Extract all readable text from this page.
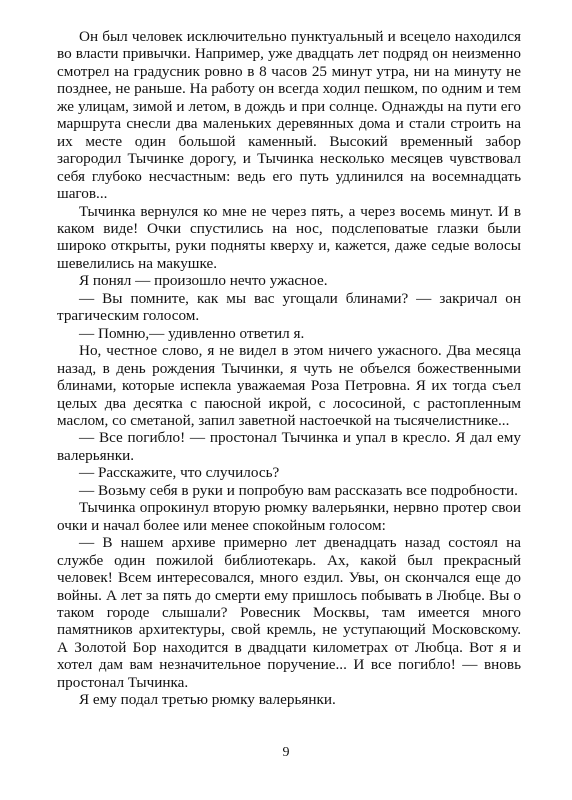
Он был человек исключительно пунктуальный и всецело находился во власти привычки. Например, уже двадцать лет подряд он неизменно смотрел на градусник ровно в 8 часов 25 минут утра, ни на минуту не позднее, не раньше. На работу он всегда ходил пешком, по одним и тем же улицам, зимой и летом, в дождь и при солнце. Однажды на пути его маршрута снесли два маленьких деревянных дома и стали строить на их месте один большой каменный. Высокий временный забор загородил Тычинке дорогу, и Тычинка несколько месяцев чувствовал себя глубоко несчастным: ведь его путь удлинился на восемнадцать шагов...

Тычинка вернулся ко мне не через пять, а через восемь минут. И в каком виде! Очки спустились на нос, подслеповатые глазки были широко открыты, руки подняты кверху и, кажется, даже седые волосы шевелились на макушке.

Я понял — произошло нечто ужасное.

— Вы помните, как мы вас угощали блинами? — закричал он трагическим голосом.

— Помню,— удивленно ответил я.

Но, честное слово, я не видел в этом ничего ужасного. Два месяца назад, в день рождения Тычинки, я чуть не объелся божественными блинами, которые испекла уважаемая Роза Петровна. Я их тогда съел целых два десятка с паюсной икрой, с лососиной, с растопленным маслом, со сметаной, запил заветной настоечкой на тысячелистнике...

— Все погибло! — простонал Тычинка и упал в кресло. Я дал ему валерьянки.

— Расскажите, что случилось?

— Возьму себя в руки и попробую вам рассказать все подробности.

Тычинка опрокинул вторую рюмку валерьянки, нервно протер свои очки и начал более или менее спокойным голосом:

— В нашем архиве примерно лет двенадцать назад состоял на службе один пожилой библиотекарь. Ах, какой был прекрасный человек! Всем интересовался, много ездил. Увы, он скончался еще до войны. А лет за пять до смерти ему пришлось побывать в Любце. Вы о таком городе слышали? Ровесник Москвы, там имеется много памятников архитектуры, свой кремль, не уступающий Московскому. А Золотой Бор находится в двадцати километрах от Любца. Вот я и хотел дам вам незначительное поручение... И все погибло! — вновь простонал Тычинка.

Я ему подал третью рюмку валерьянки.

9
